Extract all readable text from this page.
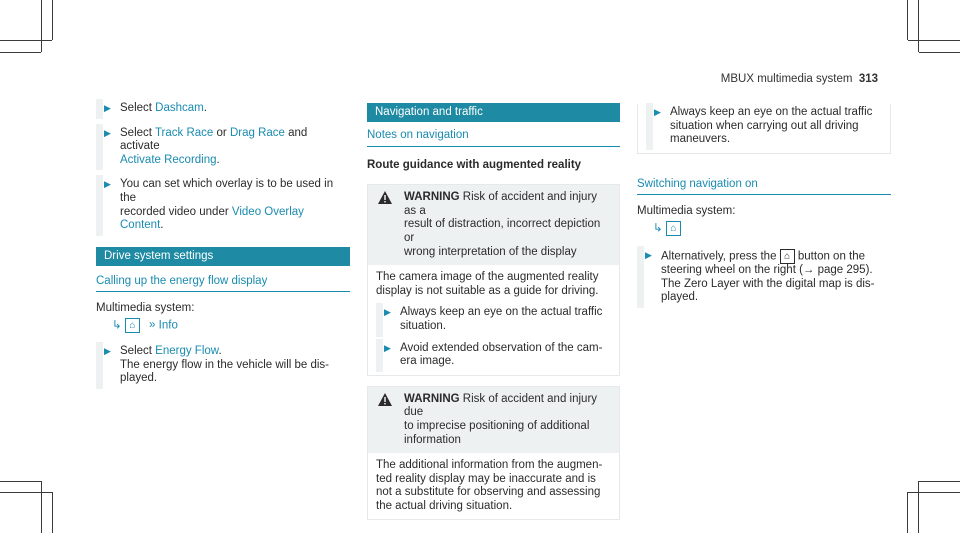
MBUX multimedia system 313
▶ Select Dashcam.
▶ Select Track Race or Drag Race and activate
Activate Recording.
▶ You can set which overlay is to be used in the
recorded video under Video Overlay Content.
Drive system settings
Calling up the energy flow display
Multimedia system:
↳ ⌂ » Info
▶ Select Energy Flow.
The energy flow in the vehicle will be dis-
played.
Navigation and traffic
Notes on navigation
Route guidance with augmented reality
WARNING Risk of accident and injury as a
result of distraction, incorrect depiction or
wrong interpretation of the display
The camera image of the augmented reality
display is not suitable as a guide for driving.
▶ Always keep an eye on the actual traffic
situation.
▶ Avoid extended observation of the cam-
era image.
WARNING Risk of accident and injury due
to imprecise positioning of additional
information
The additional information from the augmen-
ted reality display may be inaccurate and is
not a substitute for observing and assessing
the actual driving situation.
▶ Always keep an eye on the actual traffic
situation when carrying out all driving
maneuvers.
Switching navigation on
Multimedia system:
↳ ⌂
▶ Alternatively, press the ⌂ button on the
steering wheel on the right (→ page 295).
The Zero Layer with the digital map is dis-
played.
